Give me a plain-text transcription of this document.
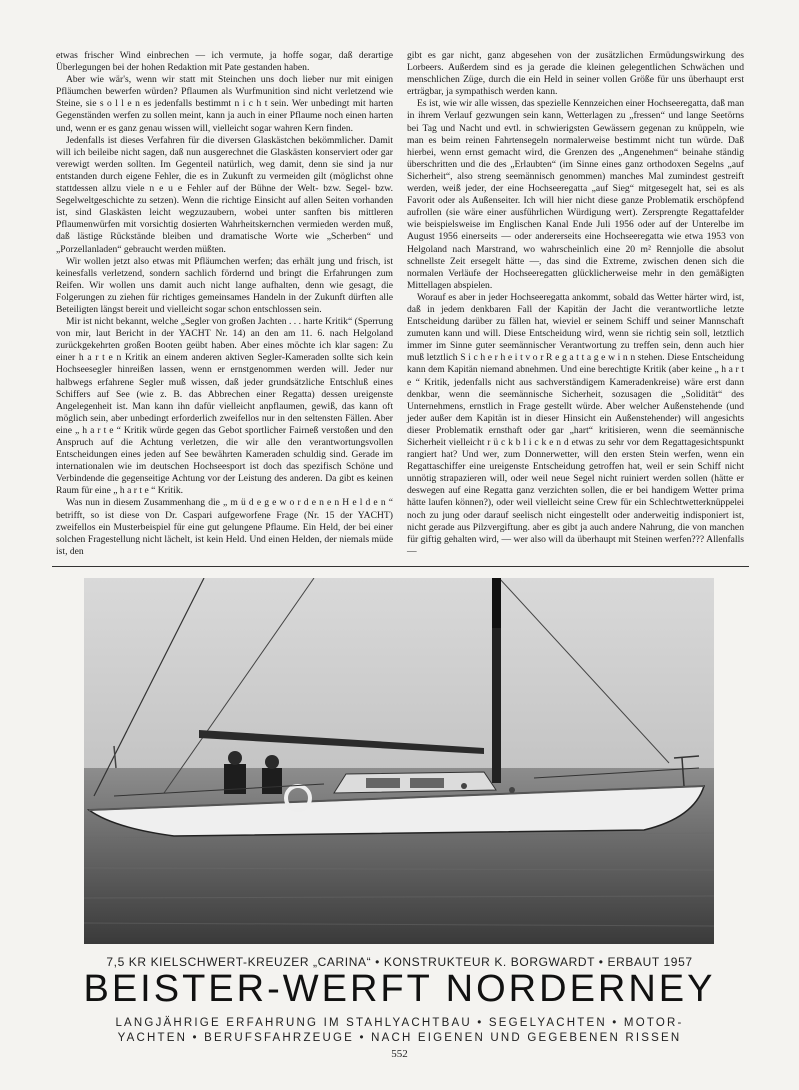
etwas frischer Wind einbrechen — ich vermute, ja hoffe sogar, daß derartige Überlegungen bei der hohen Redaktion mit Pate gestanden haben.

Aber wie wär's, wenn wir statt mit Steinchen uns doch lieber nur mit einigen Pfläumchen bewerfen würden? Pflaumen als Wurfmunition sind nicht verletzend wie Steine, sie s o l l e n es jedenfalls bestimmt n i c h t sein. Wer unbedingt mit harten Gegenständen werfen zu sollen meint, kann ja auch in einer Pflaume noch einen harten und, wenn er es ganz genau wissen will, vielleicht sogar wahren Kern finden.

Jedenfalls ist dieses Verfahren für die diversen Glaskästchen bekömmlicher. Damit will ich beileibe nicht sagen, daß nun ausgerechnet die Glaskästen konserviert oder gar verewigt werden sollten. Im Gegenteil natürlich, weg damit, denn sie sind ja nur entstanden durch eigene Fehler, die es in Zukunft zu vermeiden gilt (möglichst ohne stattdessen allzu viele n e u e Fehler auf der Bühne der Welt- bzw. Segel- bzw. Segelweltgeschichte zu setzen). Wenn die richtige Einsicht auf allen Seiten vorhanden ist, sind Glaskästen leicht wegzuzaubern, wobei unter sanften bis mittleren Pflaumenwürfen mit vorsichtig dosierten Wahrheitskernchen vermieden werden muß, daß lästige Rückstände bleiben und dramatische Worte wie „Scherben“ und „Porzellanladen“ gebraucht werden müßten.

Wir wollen jetzt also etwas mit Pfläumchen werfen; das erhält jung und frisch, ist keinesfalls verletzend, sondern sachlich fördernd und bringt die Erfahrungen zum Reifen. Wir wollen uns damit auch nicht lange aufhalten, denn wie gesagt, die Folgerungen zu ziehen für richtiges gemeinsames Handeln in der Zukunft dürften alle Beteiligten längst bereit und vielleicht sogar schon entschlossen sein.

Mir ist nicht bekannt, welche „Segler von großen Jachten . . . harte Kritik“ (Sperrung von mir, laut Bericht in der YACHT Nr. 14) an den am 11. 6. nach Helgoland zurückgekehrten großen Booten geübt haben. Aber eines möchte ich klar sagen: Zu einer h a r t e n Kritik an einem anderen aktiven Segler-Kameraden sollte sich kein Hochseesegler hinreißen lassen, wenn er ernstgenommen werden will. Jeder nur halbwegs erfahrene Segler muß wissen, daß jeder grundsätzliche Entschluß eines Schiffers auf See (wie z. B. das Abbrechen einer Regatta) dessen ureigenste Angelegenheit ist. Man kann ihn dafür vielleicht anpflaumen, gewiß, das kann oft möglich sein, aber unbedingt erforderlich zweifellos nur in den seltensten Fällen. Aber eine „ h a r t e “ Kritik würde gegen das Gebot sportlicher Fairneß verstoßen und den Anspruch auf die Achtung verletzen, die wir alle den verantwortungsvollen Entscheidungen eines jeden auf See bewährten Kameraden schuldig sind. Gerade im internationalen wie im deutschen Hochseesport ist doch das spezifisch Schöne und Verbindende die gegenseitige Achtung vor der Leistung des anderen. Da gibt es keinen Raum für eine „ h a r t e “ Kritik.

Was nun in diesem Zusammenhang die „ m ü d e g e w o r d e n e n H e l d e n “ betrifft, so ist diese von Dr. Caspari aufgeworfene Frage (Nr. 15 der YACHT) zweifellos ein Musterbeispiel für eine gut gelungene Pflaume. Ein Held, der bei einer solchen Fragestellung nicht lächelt, ist kein Held. Und einen Helden, der niemals müde ist, den

gibt es gar nicht, ganz abgesehen von der zusätzlichen Ermüdungswirkung des Lorbeers. Außerdem sind es ja gerade die kleinen gelegentlichen Schwächen und menschlichen Züge, durch die ein Held in seiner vollen Größe für uns überhaupt erst erträgbar, ja sympathisch werden kann.

Es ist, wie wir alle wissen, das spezielle Kennzeichen einer Hochseeregatta, daß man in ihrem Verlauf gezwungen sein kann, Wetterlagen zu „fressen“ und lange Seetörns bei Tag und Nacht und evtl. in schwierigsten Gewässern gegenan zu knüppeln, wie man es beim reinen Fahrtensegeln normalerweise bestimmt nicht tun würde. Daß hierbei, wenn ernst gemacht wird, die Grenzen des „Angenehmen“ beinahe ständig überschritten und die des „Erlaubten“ (im Sinne eines ganz orthodoxen Segelns „auf Sicherheit“, also streng seemännisch genommen) manches Mal zumindest gestreift werden, weiß jeder, der eine Hochseeregatta „auf Sieg“ mitgesegelt hat, sei es als Favorit oder als Außenseiter. Ich will hier nicht diese ganze Problematik erschöpfend aufrollen (sie wäre einer ausführlichen Würdigung wert). Zersprengte Regattafelder wie beispielsweise im Englischen Kanal Ende Juli 1956 oder auf der Unterelbe im August 1956 einerseits — oder andererseits eine Hochseeregatta wie etwa 1953 von Helgoland nach Marstrand, wo wahrscheinlich eine 20 m² Rennjolle die absolut schnellste Zeit ersegelt hätte —, das sind die Extreme, zwischen denen sich die normalen Verläufe der Hochseeregatten glücklicherweise mehr in den gemäßigten Mittellagen abspielen.

Worauf es aber in jeder Hochseeregatta ankommt, sobald das Wetter härter wird, ist, daß in jedem denkbaren Fall der Kapitän der Jacht die verantwortliche letzte Entscheidung darüber zu fällen hat, wieviel er seinem Schiff und seiner Mannschaft zumuten kann und will. Diese Entscheidung wird, wenn sie richtig sein soll, letztlich immer im Sinne guter seemännischer Verantwortung zu treffen sein, denn auch hier muß letztlich S i c h e r h e i t v o r R e g a t t a g e w i n n stehen. Diese Entscheidung kann dem Kapitän niemand abnehmen. Und eine berechtigte Kritik (aber keine „ h a r t e “ Kritik, jedenfalls nicht aus sachverständigem Kameradenkreise) wäre erst dann denkbar, wenn die seemännische Sicherheit, sozusagen die „Solidität“ des Unternehmens, ernstlich in Frage gestellt würde. Aber welcher Außenstehende (und jeder außer dem Kapitän ist in dieser Hinsicht ein Außenstehender) will angesichts dieser Problematik ernsthaft oder gar „hart“ kritisieren, wenn die seemännische Sicherheit vielleicht r ü c k b l i c k e n d etwas zu sehr vor dem Regattagesichtspunkt rangiert hat? Und wer, zum Donnerwetter, will den ersten Stein werfen, wenn ein Regattaschiffer eine ureigenste Entscheidung getroffen hat, weil er sein Schiff nicht unnötig strapazieren will, oder weil neue Segel nicht ruiniert werden sollen (hätte er deswegen auf eine Regatta ganz verzichten sollen, die er bei handigem Wetter prima hätte laufen können?), oder weil vielleicht seine Crew für ein Schlechtwetterknüppelei noch zu jung oder darauf seelisch nicht eingestellt oder anderweitig indisponiert ist, nicht gerade aus Pilzvergiftung. aber es gibt ja auch andere Nahrung, die von manchen für giftig gehalten wird, — wer also will da überhaupt mit Steinen werfen??? Allenfalls —

7,5 KR KIELSCHWERT-KREUZER „CARINA“ • KONSTRUKTEUR K. BORGWARDT • ERBAUT 1957
BEISTER-WERFT NORDERNEY
LANGJÄHRIGE ERFAHRUNG IM STAHLYACHTBAU • SEGELYACHTEN • MOTOR-
YACHTEN • BERUFSFAHRZEUGE • NACH EIGENEN UND GEGEBENEN RISSEN
552
